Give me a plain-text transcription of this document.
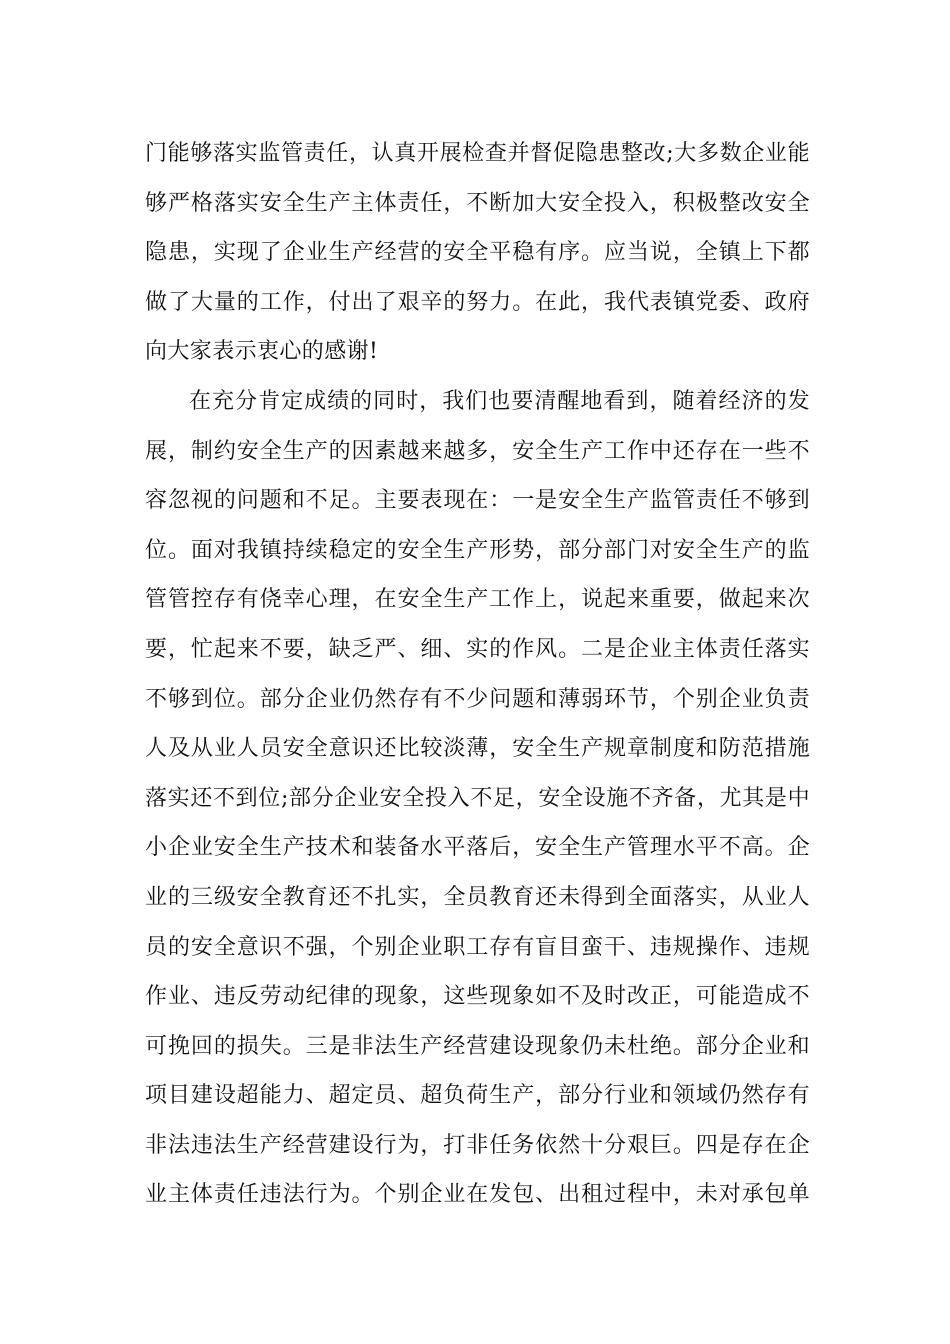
门能够落实监管责任，认真开展检查并督促隐患整改;大多数企业能
够严格落实安全生产主体责任，不断加大安全投入，积极整改安全
隐患，实现了企业生产经营的安全平稳有序。应当说，全镇上下都
做了大量的工作，付出了艰辛的努力。在此，我代表镇党委、政府
向大家表示衷心的感谢!
在充分肯定成绩的同时，我们也要清醒地看到，随着经济的发
展，制约安全生产的因素越来越多，安全生产工作中还存在一些不
容忽视的问题和不足。主要表现在：一是安全生产监管责任不够到
位。面对我镇持续稳定的安全生产形势，部分部门对安全生产的监
管管控存有侥幸心理，在安全生产工作上，说起来重要，做起来次
要，忙起来不要，缺乏严、细、实的作风。二是企业主体责任落实
不够到位。部分企业仍然存有不少问题和薄弱环节，个别企业负责
人及从业人员安全意识还比较淡薄，安全生产规章制度和防范措施
落实还不到位;部分企业安全投入不足，安全设施不齐备，尤其是中
小企业安全生产技术和装备水平落后，安全生产管理水平不高。企
业的三级安全教育还不扎实，全员教育还未得到全面落实，从业人
员的安全意识不强，个别企业职工存有盲目蛮干、违规操作、违规
作业、违反劳动纪律的现象，这些现象如不及时改正，可能造成不
可挽回的损失。三是非法生产经营建设现象仍未杜绝。部分企业和
项目建设超能力、超定员、超负荷生产，部分行业和领域仍然存有
非法违法生产经营建设行为，打非任务依然十分艰巨。四是存在企
业主体责任违法行为。个别企业在发包、出租过程中，未对承包单
